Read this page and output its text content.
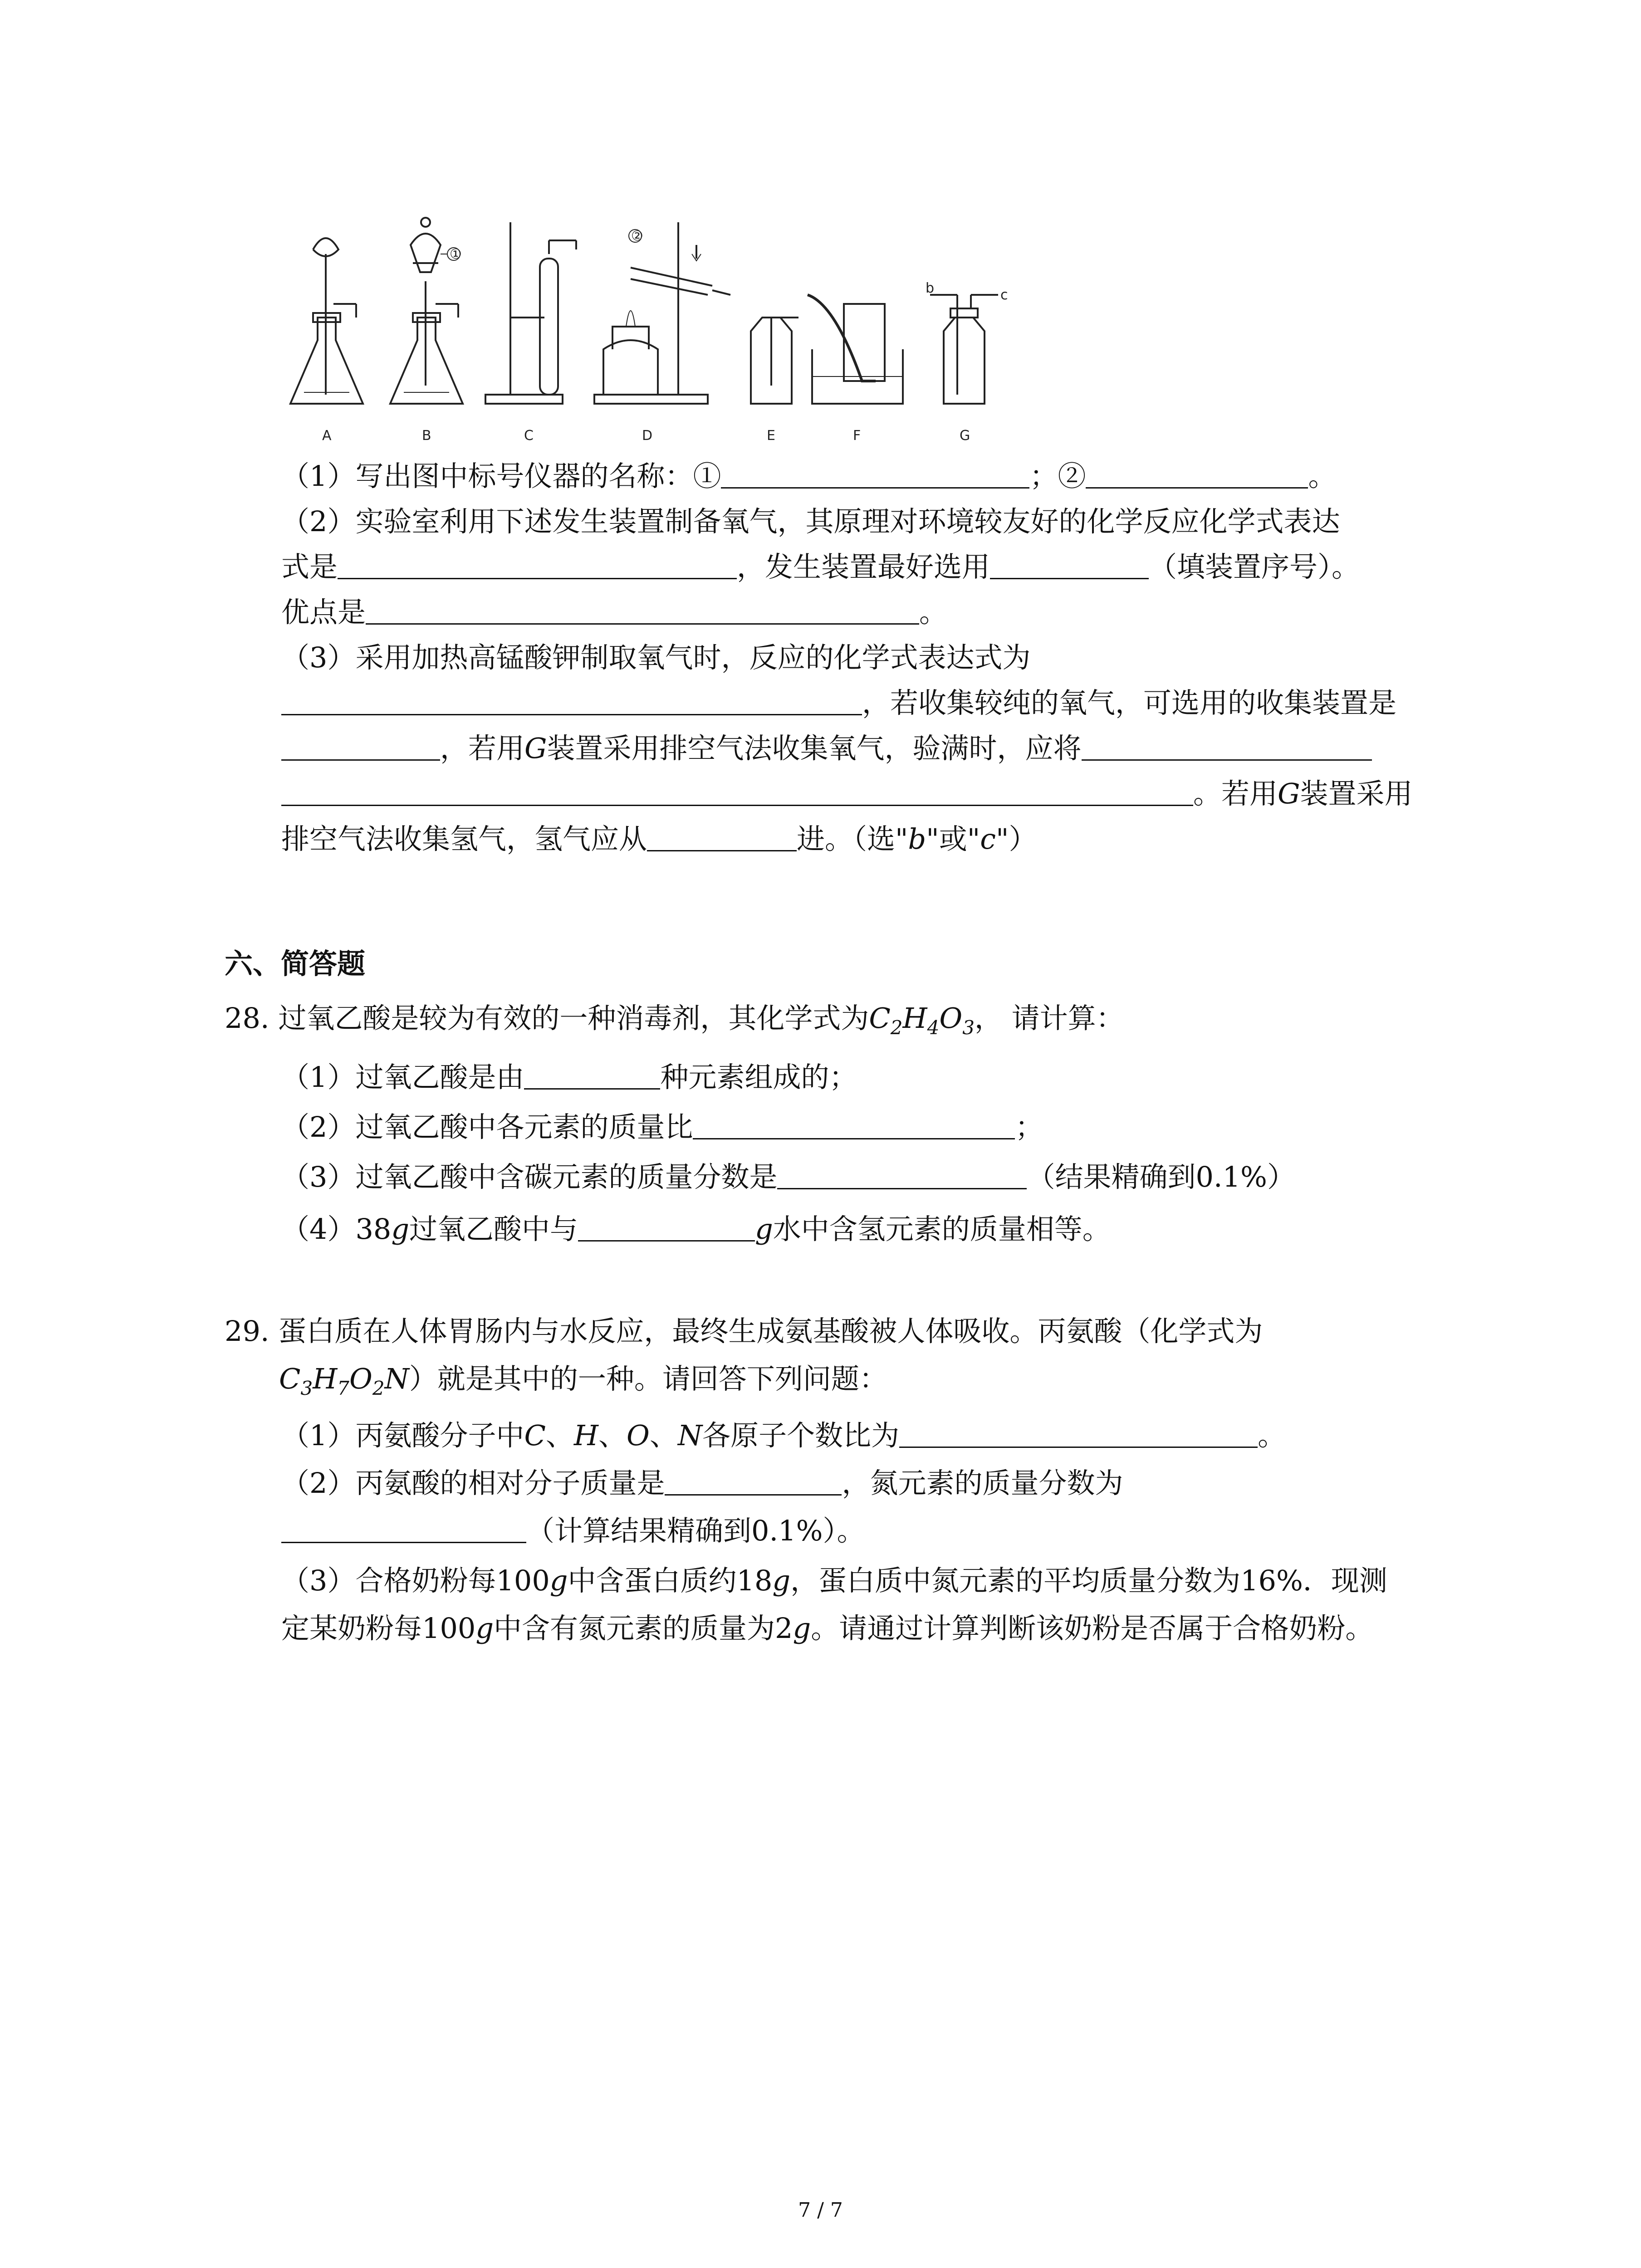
①
②
b	c
A	B	C	D	E	F	G
（1）写出图中标号仪器的名称：①	；②	。
（2）实验室利用下述发生装置制备氧气，其原理对环境较友好的化学反应化学式表达
式是	，发生装置最好选用	（填装置序号）。
优点是	。
（3）采用加热高锰酸钾制取氧气时，反应的化学式表达式为
，若收集较纯的氧气，可选用的收集装置是
，若用G装置采用排空气法收集氧气，验满时，应将
。若用G装置采用
排空气法收集氢气，氢气应从	进。（选"b"或"c"）
六、简答题
28. 过氧乙酸是较为有效的一种消毒剂，其化学式为$C_2H_4O_3$， 请计算：
（1）过氧乙酸是由	种元素组成的；
（2）过氧乙酸中各元素的质量比	；
（3）过氧乙酸中含碳元素的质量分数是	（结果精确到0.1%）
（4）38g过氧乙酸中与	g水中含氢元素的质量相等。
29. 蛋白质在人体胃肠内与水反应，最终生成氨基酸被人体吸收。丙氨酸（化学式为
$C_3H_7O_2N$）就是其中的一种。请回答下列问题：
（1）丙氨酸分子中C、H、O、N各原子个数比为	。
（2）丙氨酸的相对分子质量是	，氮元素的质量分数为
（计算结果精确到0.1%）。
（3）合格奶粉每100g中含蛋白质约18g，蛋白质中氮元素的平均质量分数为16%．现测
定某奶粉每100g中含有氮元素的质量为2g。请通过计算判断该奶粉是否属于合格奶粉。
7 / 7
